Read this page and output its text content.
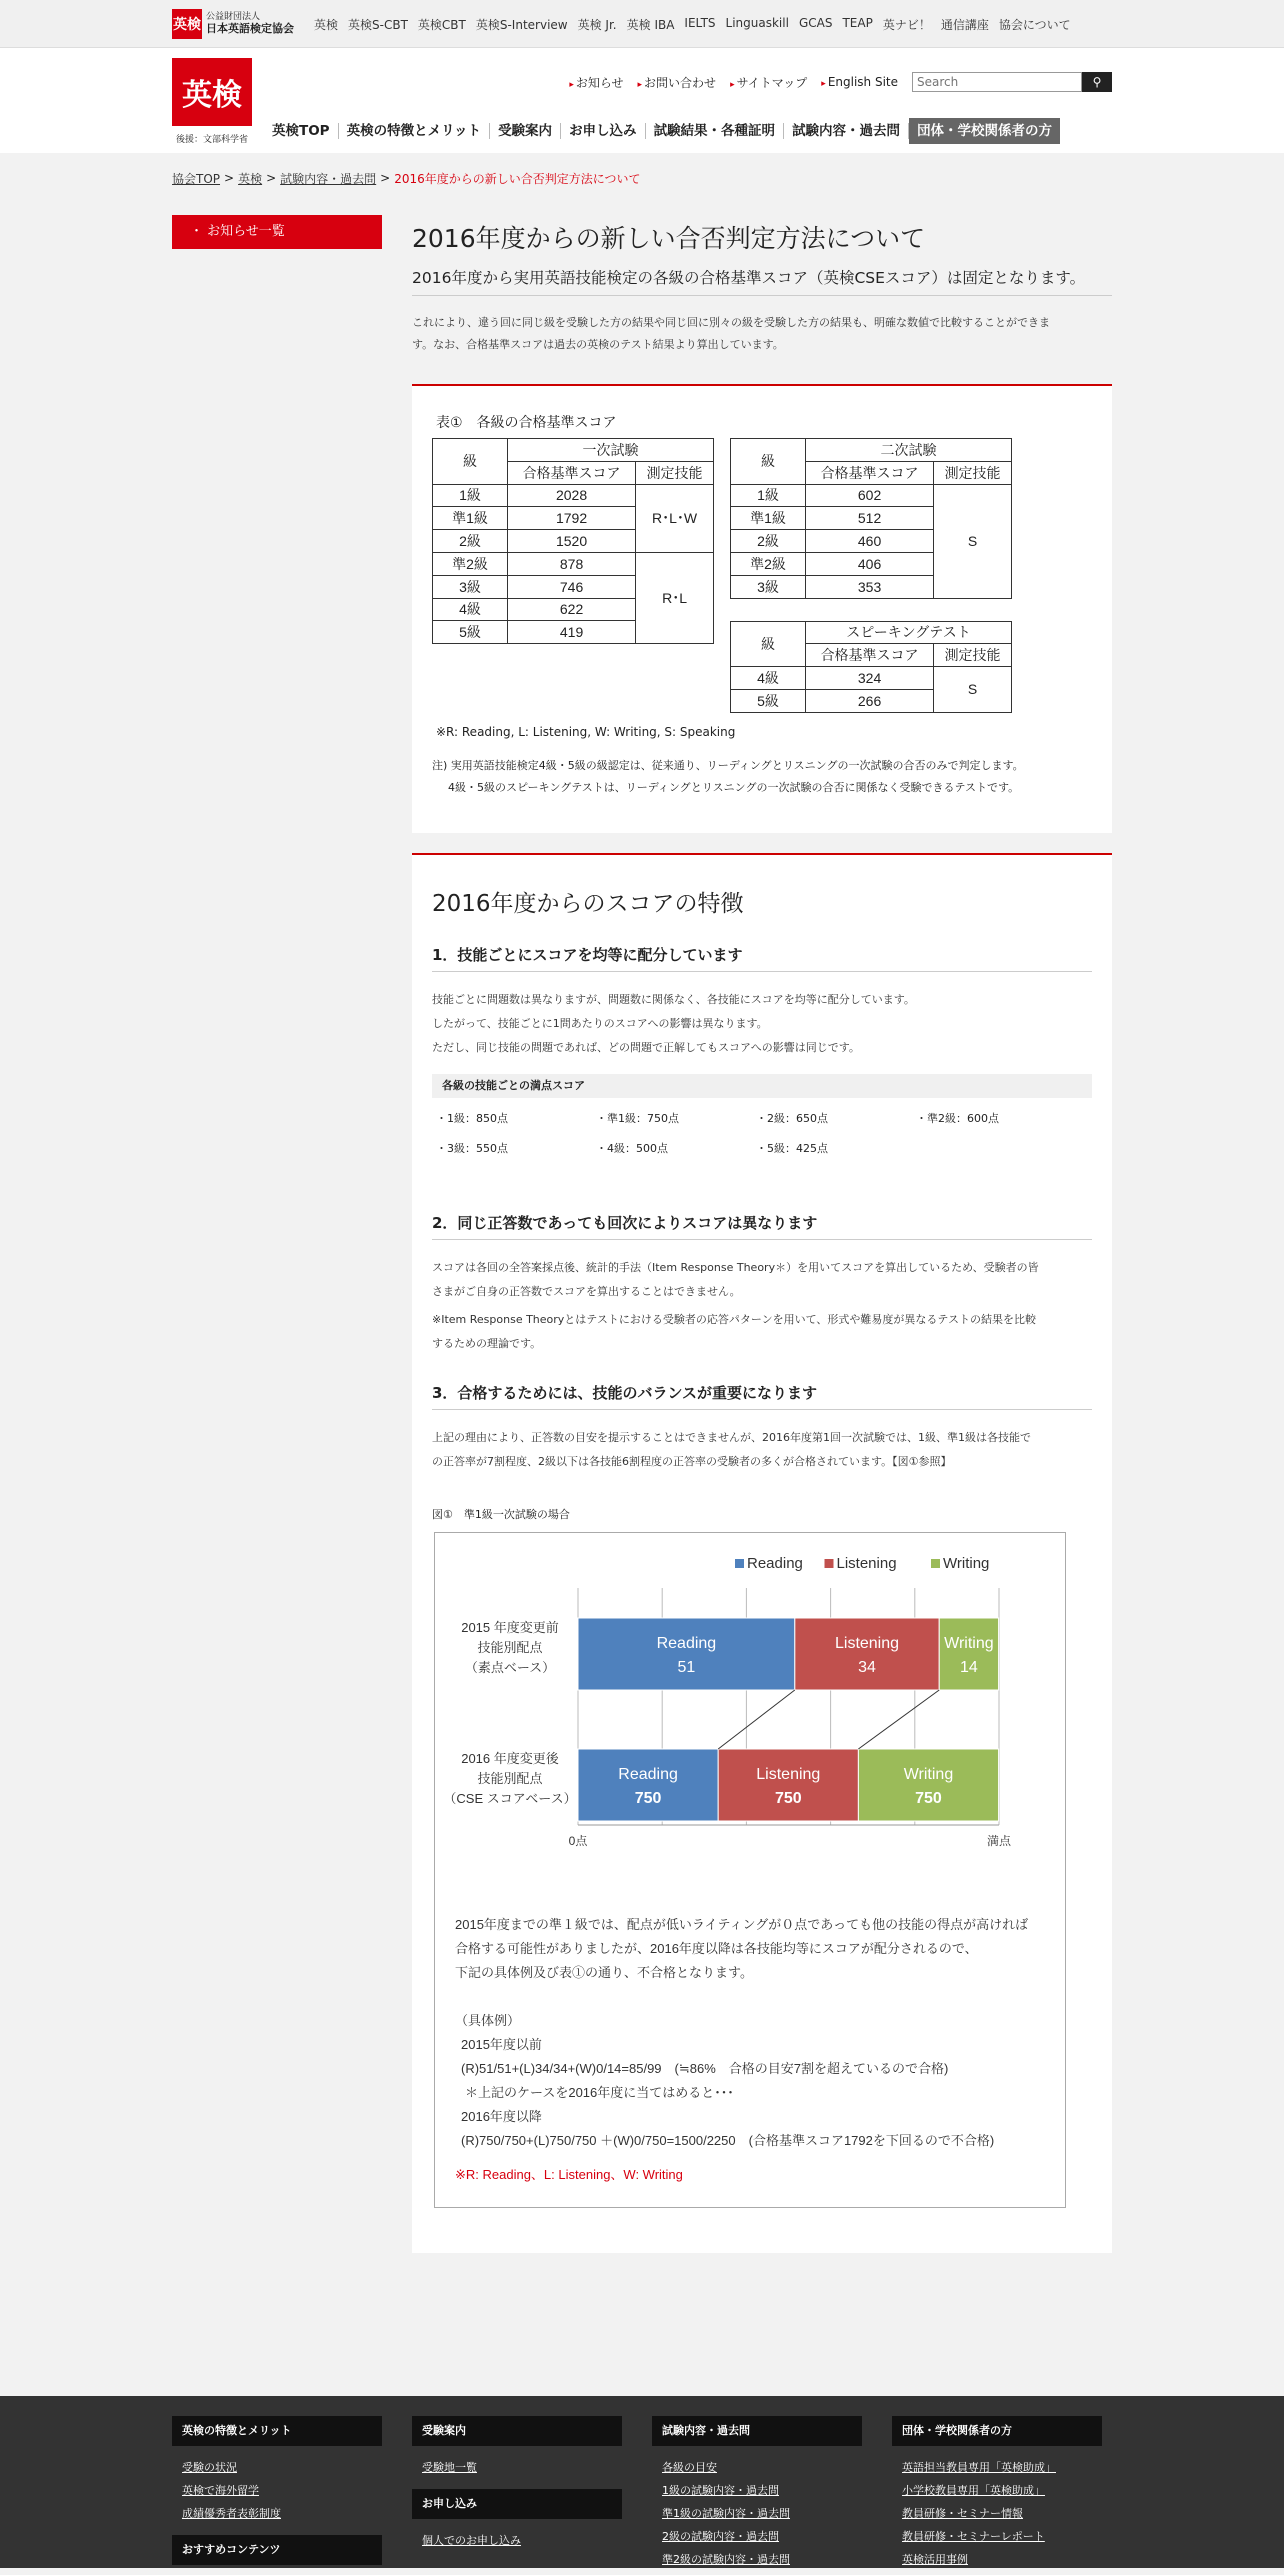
英検 公益財団法人
日本英語検定協会 英検 英検S-CBT 英検CBT 英検S-Interview 英検 Jr. 英検 IBA IELTS Linguaskill GCAS TEAP 英ナビ！ 通信講座 協会について
英検
後援：文部科学省
▸ お知らせ	▸ お問い合わせ	▸ サイトマップ	▸ English Site
Search	⚲
英検TOP	英検の特徴とメリット	受験案内	お申し込み	試験結果・各種証明	試験内容・過去問	団体・学校関係者の方
協会TOP > 英検 > 試験内容・過去問 > 2016年度からの新しい合否判定方法について
・ お知らせ一覧	2016年度からの新しい合否判定方法について
2016年度から実用英語技能検定の各級の合格基準スコア（英検CSEスコア）は固定となります。
これにより、違う回に同じ級を受験した方の結果や同じ回に別々の級を受験した方の結果も、明確な数値で比較することができま
す。なお、合格基準スコアは過去の英検のテスト結果より算出しています。
表①　各級の合格基準スコア
級	一次試験	
	合格基準スコア	測定技能
1級	2028	R･L･W
準1級	1792	
2級	1520	
準2級	878	R･L
3級	746	
4級	622	
5級	419	
級	二次試験	
	合格基準スコア	測定技能
1級	602	S
準1級	512	
2級	460	
準2級	406	
3級	353	
級	スピーキングテスト	
	合格基準スコア	測定技能
4級	324	S
5級	266	
※R: Reading, L: Listening, W: Writing, S: Speaking
注) 実用英語技能検定4級・5級の級認定は、従来通り、リーディングとリスニングの一次試験の合否のみで判定します。
4級・5級のスピーキングテストは、リーディングとリスニングの一次試験の合否に関係なく受験できるテストです。
2016年度からのスコアの特徴
1．技能ごとにスコアを均等に配分しています
技能ごとに問題数は異なりますが、問題数に関係なく、各技能にスコアを均等に配分しています。
したがって、技能ごとに1問あたりのスコアへの影響は異なります。
ただし、同じ技能の問題であれば、どの問題で正解してもスコアへの影響は同じです。
各級の技能ごとの満点スコア
・ 1級：850点	・ 準1級：750点	・ 2級：650点	・ 準2級：600点
・ 3級：550点	・ 4級：500点	・ 5級：425点
2．同じ正答数であっても回次によりスコアは異なります
スコアは各回の全答案採点後、統計的手法（Item Response Theory＊）を用いてスコアを算出しているため、受験者の皆
さまがご自身の正答数でスコアを算出することはできません。
※Item Response Theoryとはテストにおける受験者の応答パターンを用いて、形式や難易度が異なるテストの結果を比較
するための理論です。
3．合格するためには、技能のバランスが重要になります
上記の理由により、正答数の目安を提示することはできませんが、2016年度第1回一次試験では、1級、準1級は各技能で
の正答率が7割程度、2級以下は各技能6割程度の正答率の受験者の多くが合格されています。【図①参照】
図①　準1級一次試験の場合
Reading Listening	Writing
Reading
51
Listening
34
Writing
14
Reading
750
Listening
750
Writing
750
2015 年度変更前
技能別配点
（素点ベース）
2016 年度変更後
技能別配点
（CSE スコアベース）
0点	満点
2015年度までの準１級では、配点が低いライティングが０点であっても他の技能の得点が高ければ
合格する可能性がありましたが、2016年度以降は各技能均等にスコアが配分されるので、
下記の具体例及び表①の通り、不合格となります。
（具体例）
2015年度以前
(R)51/51+(L)34/34+(W)0/14=85/99　(≒86%　合格の目安7割を超えているので合格)
＊上記のケースを2016年度に当てはめると･･･
2016年度以降
(R)750/750+(L)750/750 ＋(W)0/750=1500/2250　(合格基準スコア1792を下回るので不合格)
※R: Reading、L: Listening、W: Writing
英検の特徴とメリット
受験の状況
英検で海外留学
成績優秀者表彰制度
おすすめコンテンツ
受験案内
受験地一覧
お申し込み
個人でのお申し込み
試験内容・過去問
各級の目安
1級の試験内容・過去問
準1級の試験内容・過去問
2級の試験内容・過去問
準2級の試験内容・過去問
団体・学校関係者の方
英語担当教員専用「英検助成」
小学校教員専用「英検助成」
教員研修・セミナー情報
教員研修・セミナーレポート
英検活用事例
